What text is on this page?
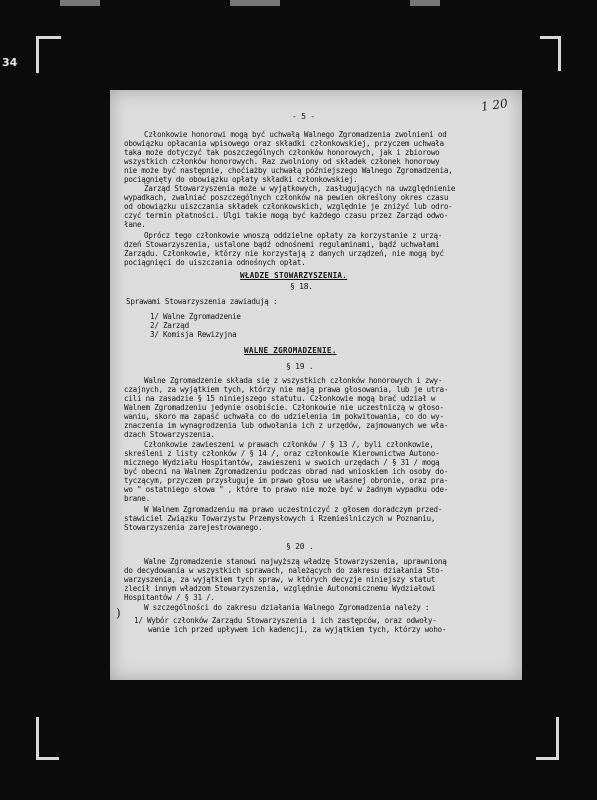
34
1 20
)
- 5 -
Członkowie honorowi mogą być uchwałą Walnego Zgromadzenia zwolnieni od
obowiązku opłacania wpisowego oraz składki członkowskiej, przyczem uchwała
taka może dotyczyć tak poszczególnych członków honorowych, jak i zbiorowo
wszystkich członków honorowych. Raz zwolniony od składek członek honorowy
nie może być następnie, choćiażby uchwałą późniejszego Walnego Zgromadzenia,
pociągnięty do obowiązku opłaty składki członkowskiej.
Zarząd Stowarzyszenia może w wyjątkowych, zasługujących na uwzględnienie
wypadkach, zwalniać poszczególnych członków na pewien określony okres czasu
od obowiązku uiszczania składek członkowskich, względnie je zniżyć lub odro-
czyć termin płatności. Ulgi takie mogą być każdego czasu przez Zarząd odwo-
łane.
Oprócz tego członkowie wnoszą oddzielne opłaty za korzystanie z urzą-
dzeń Stowarzyszenia, ustalone bądź odnośnemi regulaminami, bądź uchwałami
Zarządu. Członkowie, którzy nie korzystają z danych urządzeń, nie mogą być
pociągnięci do uiszczania odnośnych opłat.
WŁADZE STOWARZYSZENIA.
§ 18.
Sprawami Stowarzyszenia zawiadują :
1/ Walne Zgromadzenie
2/ Zarząd
3/ Komisja Rewizyjna
WALNE ZGROMADZENIE.
§ 19 .
Walne Zgromadzenie składa się z wszystkich członków honorowych i zwy-
czajnych, za wyjątkiem tych, którzy nie mają prawa głosowania, lub je utra-
cili na zasadzie § 15 niniejszego statutu. Członkowie mogą brać udział w
Walnem Zgromadzeniu jedynie osobiście. Członkowie nie uczestniczą w głoso-
waniu, skoro ma zapaść uchwała co do udzielenia im pokwitowania, co do wy-
znaczenia im wynagrodzenia lub odwołania ich z urzędów, zajmowanych we wła-
dzach Stowarzyszenia.
Członkowie zawieszeni w prawach członków / § 13 /, byli członkowie,
skreśleni z listy członków / § 14 /, oraz członkowie Kierownictwa Autono-
micznego Wydziału Hospitantów, zawieszeni w swoich urzędach / § 31 / mogą
być obecni na Walnem Zgromadzeniu podczas obrad nad wnioskiem ich osoby do-
tyczącym, przyczem przysługuje im prawo głosu we własnej obronie, oraz pra-
wo " ostatniego słowa " , które to prawo nie może być w żadnym wypadku ode-
brane.
W Walnem Zgromadzeniu ma prawo uczestniczyć z głosem doradczym przed-
stawiciel Związku Towarzystw Przemysłowych i Rzemieślniczych w Poznaniu,
Stowarzyszenia zarejestrowanego.
§ 20 .
Walne Zgromadzenie stanowi najwyższą władzę Stowarzyszenia, uprawnioną
do decydowania w wszystkich sprawach, należących do zakresu działania Sto-
warzyszenia, za wyjątkiem tych spraw, w których decyzje niniejszy statut
zlecił innym władzom Stowarzyszenia, względnie Autonomicznemu Wydziałowi
Hospitantów / § 31 /.
W szczególności do zakresu działania Walnego Zgromadzenia należy :
1/ Wybór członków Zarządu Stowarzyszenia i ich zastępców, oraz odwoły-
wanie ich przed upływem ich kadencji, za wyjątkiem tych, którzy woho-
